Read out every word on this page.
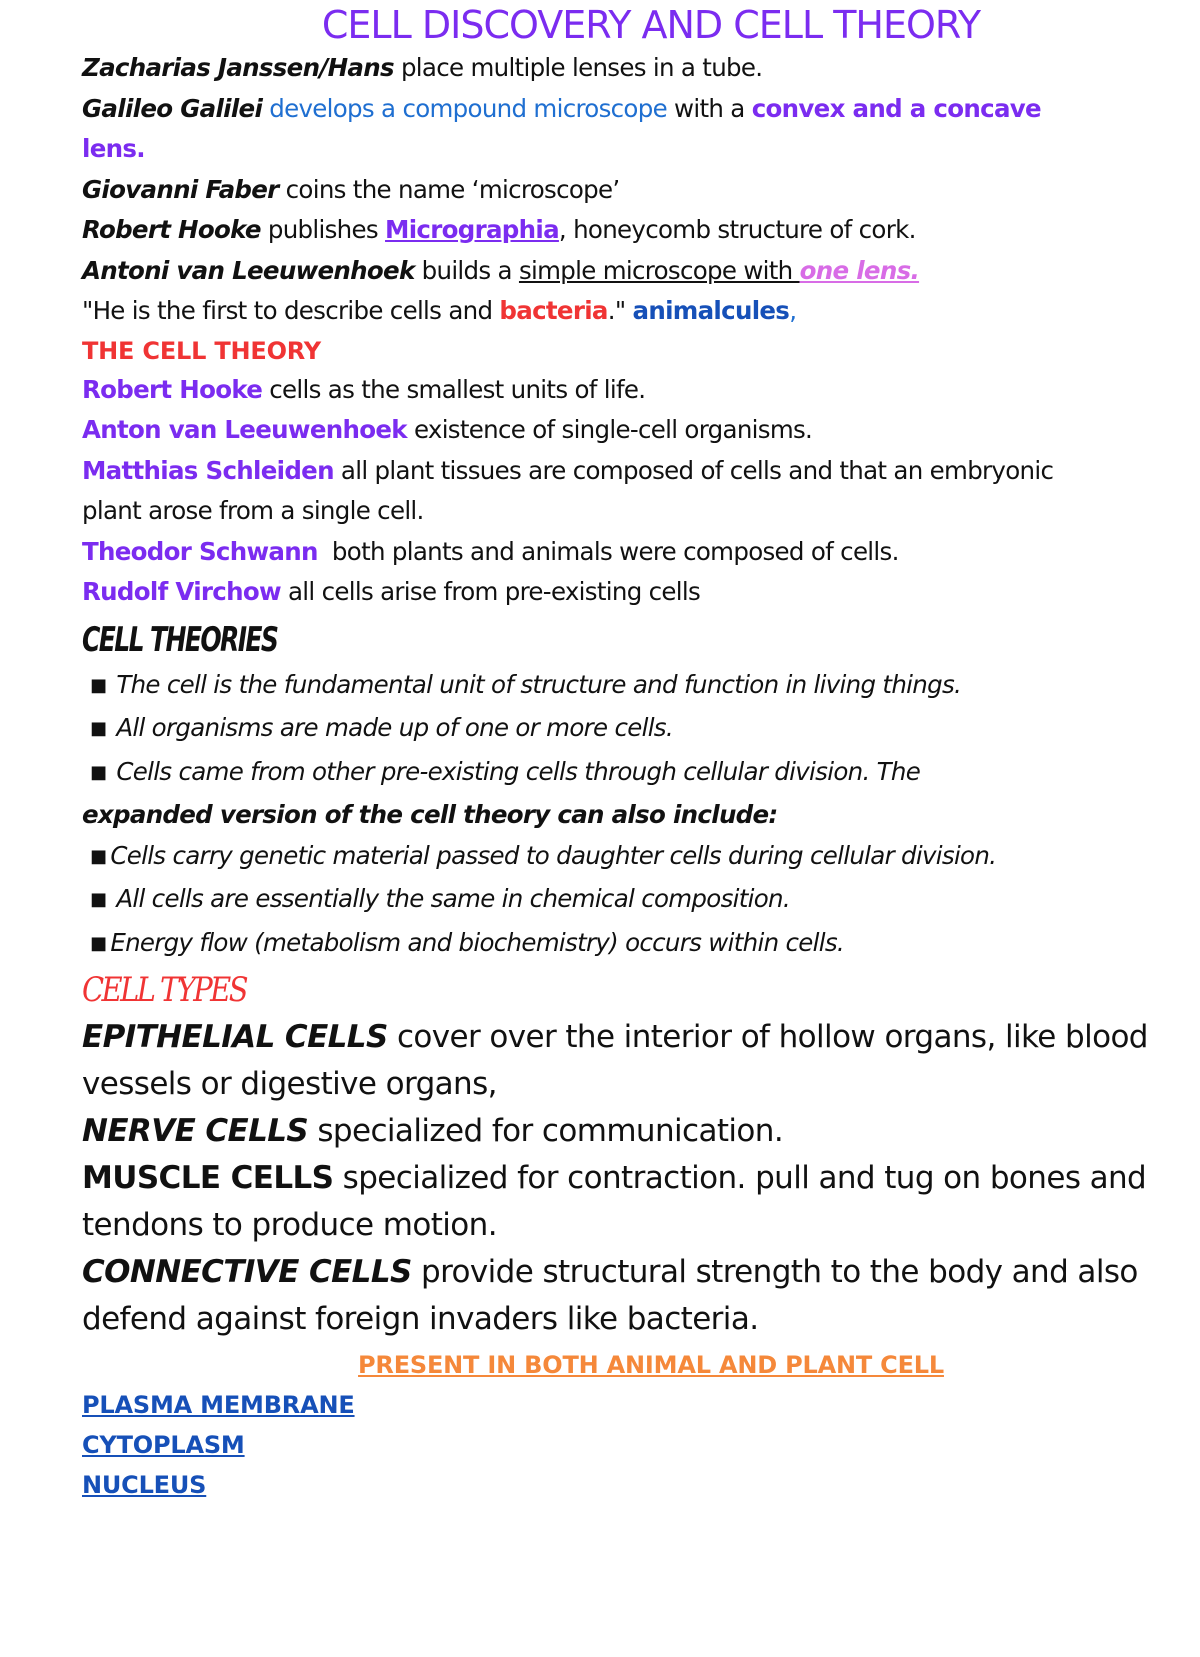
CELL DISCOVERY AND CELL THEORY
Zacharias Janssen/Hans place multiple lenses in a tube.
Galileo Galilei develops a compound microscope with a convex and a concave lens.
Giovanni Faber coins the name ‘microscope’
Robert Hooke publishes Micrographia, honeycomb structure of cork.
Antoni van Leeuwenhoek builds a simple microscope with one lens.
"He is the first to describe cells and bacteria." animalcules,
THE CELL THEORY
Robert Hooke cells as the smallest units of life.
Anton van Leeuwenhoek existence of single-cell organisms.
Matthias Schleiden all plant tissues are composed of cells and that an embryonic plant arose from a single cell.
Theodor Schwann  both plants and animals were composed of cells.
Rudolf Virchow all cells arise from pre-existing cells
CELL THEORIES
■ The cell is the fundamental unit of structure and function in living things.
■ All organisms are made up of one or more cells.
■ Cells came from other pre-existing cells through cellular division. The
expanded version of the cell theory can also include:
■ Cells carry genetic material passed to daughter cells during cellular division.
■ All cells are essentially the same in chemical composition.
■ Energy flow (metabolism and biochemistry) occurs within cells.
CELL TYPES
EPITHELIAL CELLS cover over the interior of hollow organs, like blood vessels or digestive organs,
NERVE CELLS specialized for communication.
MUSCLE CELLS specialized for contraction. pull and tug on bones and tendons to produce motion.
CONNECTIVE CELLS provide structural strength to the body and also defend against foreign invaders like bacteria.
PRESENT IN BOTH ANIMAL AND PLANT CELL
PLASMA MEMBRANE
CYTOPLASM
NUCLEUS
